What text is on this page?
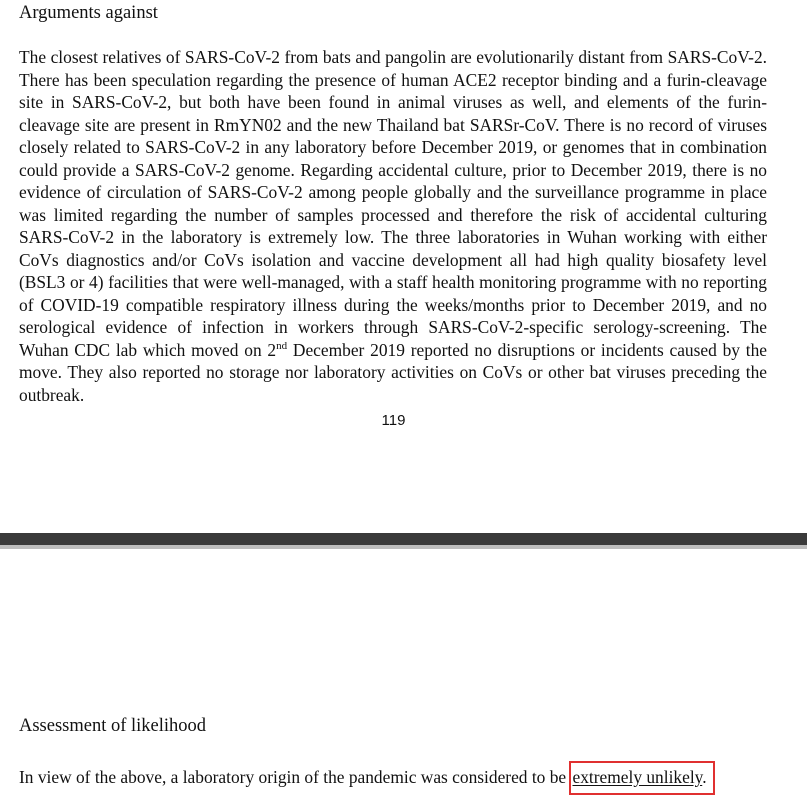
Arguments against

The closest relatives of SARS-CoV-2 from bats and pangolin are evolutionarily distant from SARS-CoV-2. There has been speculation regarding the presence of human ACE2 receptor binding and a furin-cleavage site in SARS-CoV-2, but both have been found in animal viruses as well, and elements of the furin-cleavage site are present in RmYN02 and the new Thailand bat SARSr-CoV. There is no record of viruses closely related to SARS-CoV-2 in any laboratory before December 2019, or genomes that in combination could provide a SARS-CoV-2 genome. Regarding accidental culture, prior to December 2019, there is no evidence of circulation of SARS-CoV-2 among people globally and the surveillance programme in place was limited regarding the number of samples processed and therefore the risk of accidental culturing SARS-CoV-2 in the laboratory is extremely low. The three laboratories in Wuhan working with either CoVs diagnostics and/or CoVs isolation and vaccine development all had high quality biosafety level (BSL3 or 4) facilities that were well-managed, with a staff health monitoring programme with no reporting of COVID-19 compatible respiratory illness during the weeks/months prior to December 2019, and no serological evidence of infection in workers through SARS-CoV-2-specific serology-screening. The Wuhan CDC lab which moved on 2nd December 2019 reported no disruptions or incidents caused by the move. They also reported no storage nor laboratory activities on CoVs or other bat viruses preceding the outbreak.

119
Assessment of likelihood

In view of the above, a laboratory origin of the pandemic was considered to be extremely unlikely.
